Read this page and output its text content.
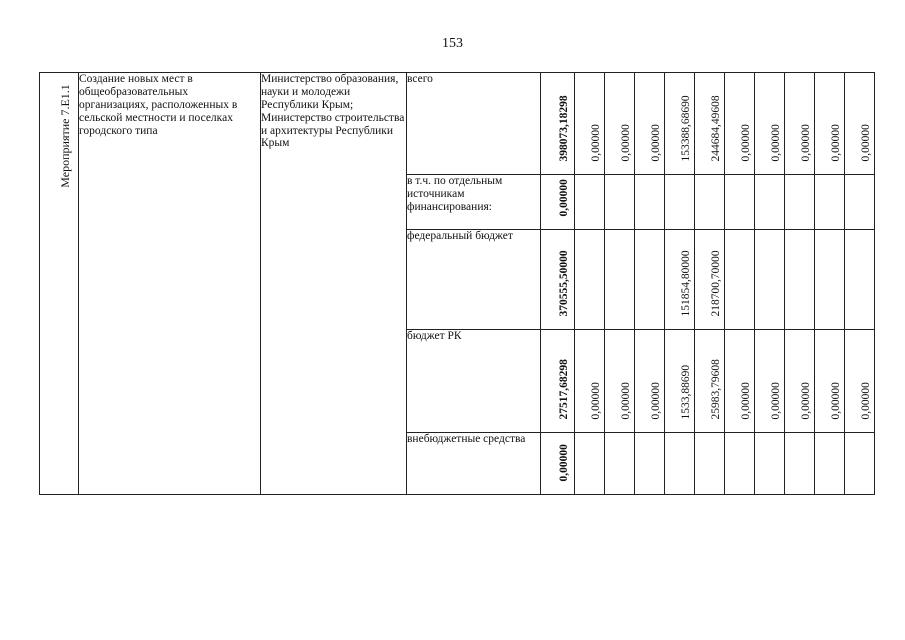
153
Мероприятие 7.E1.1	Создание новых мест в общеобразовательных организациях, расположенных в сельской местности и поселках городского типа	Министерство образования, науки и молодежи Республики Крым; Министерство строительства и архитектуры Республики Крым	всего	398073,18298	0,00000	0,00000	0,00000	153388,68690	244684,49608	0,00000	0,00000	0,00000	0,00000	0,00000

			в т.ч. по отдельным источникам финансирования:	0,00000										

			федеральный бюджет	370555,50000				151854,80000	218700,70000					

			бюджет РК	27517,68298	0,00000	0,00000	0,00000	1533,88690	25983,79608	0,00000	0,00000	0,00000	0,00000	0,00000

			внебюджетные средства	0,00000										
